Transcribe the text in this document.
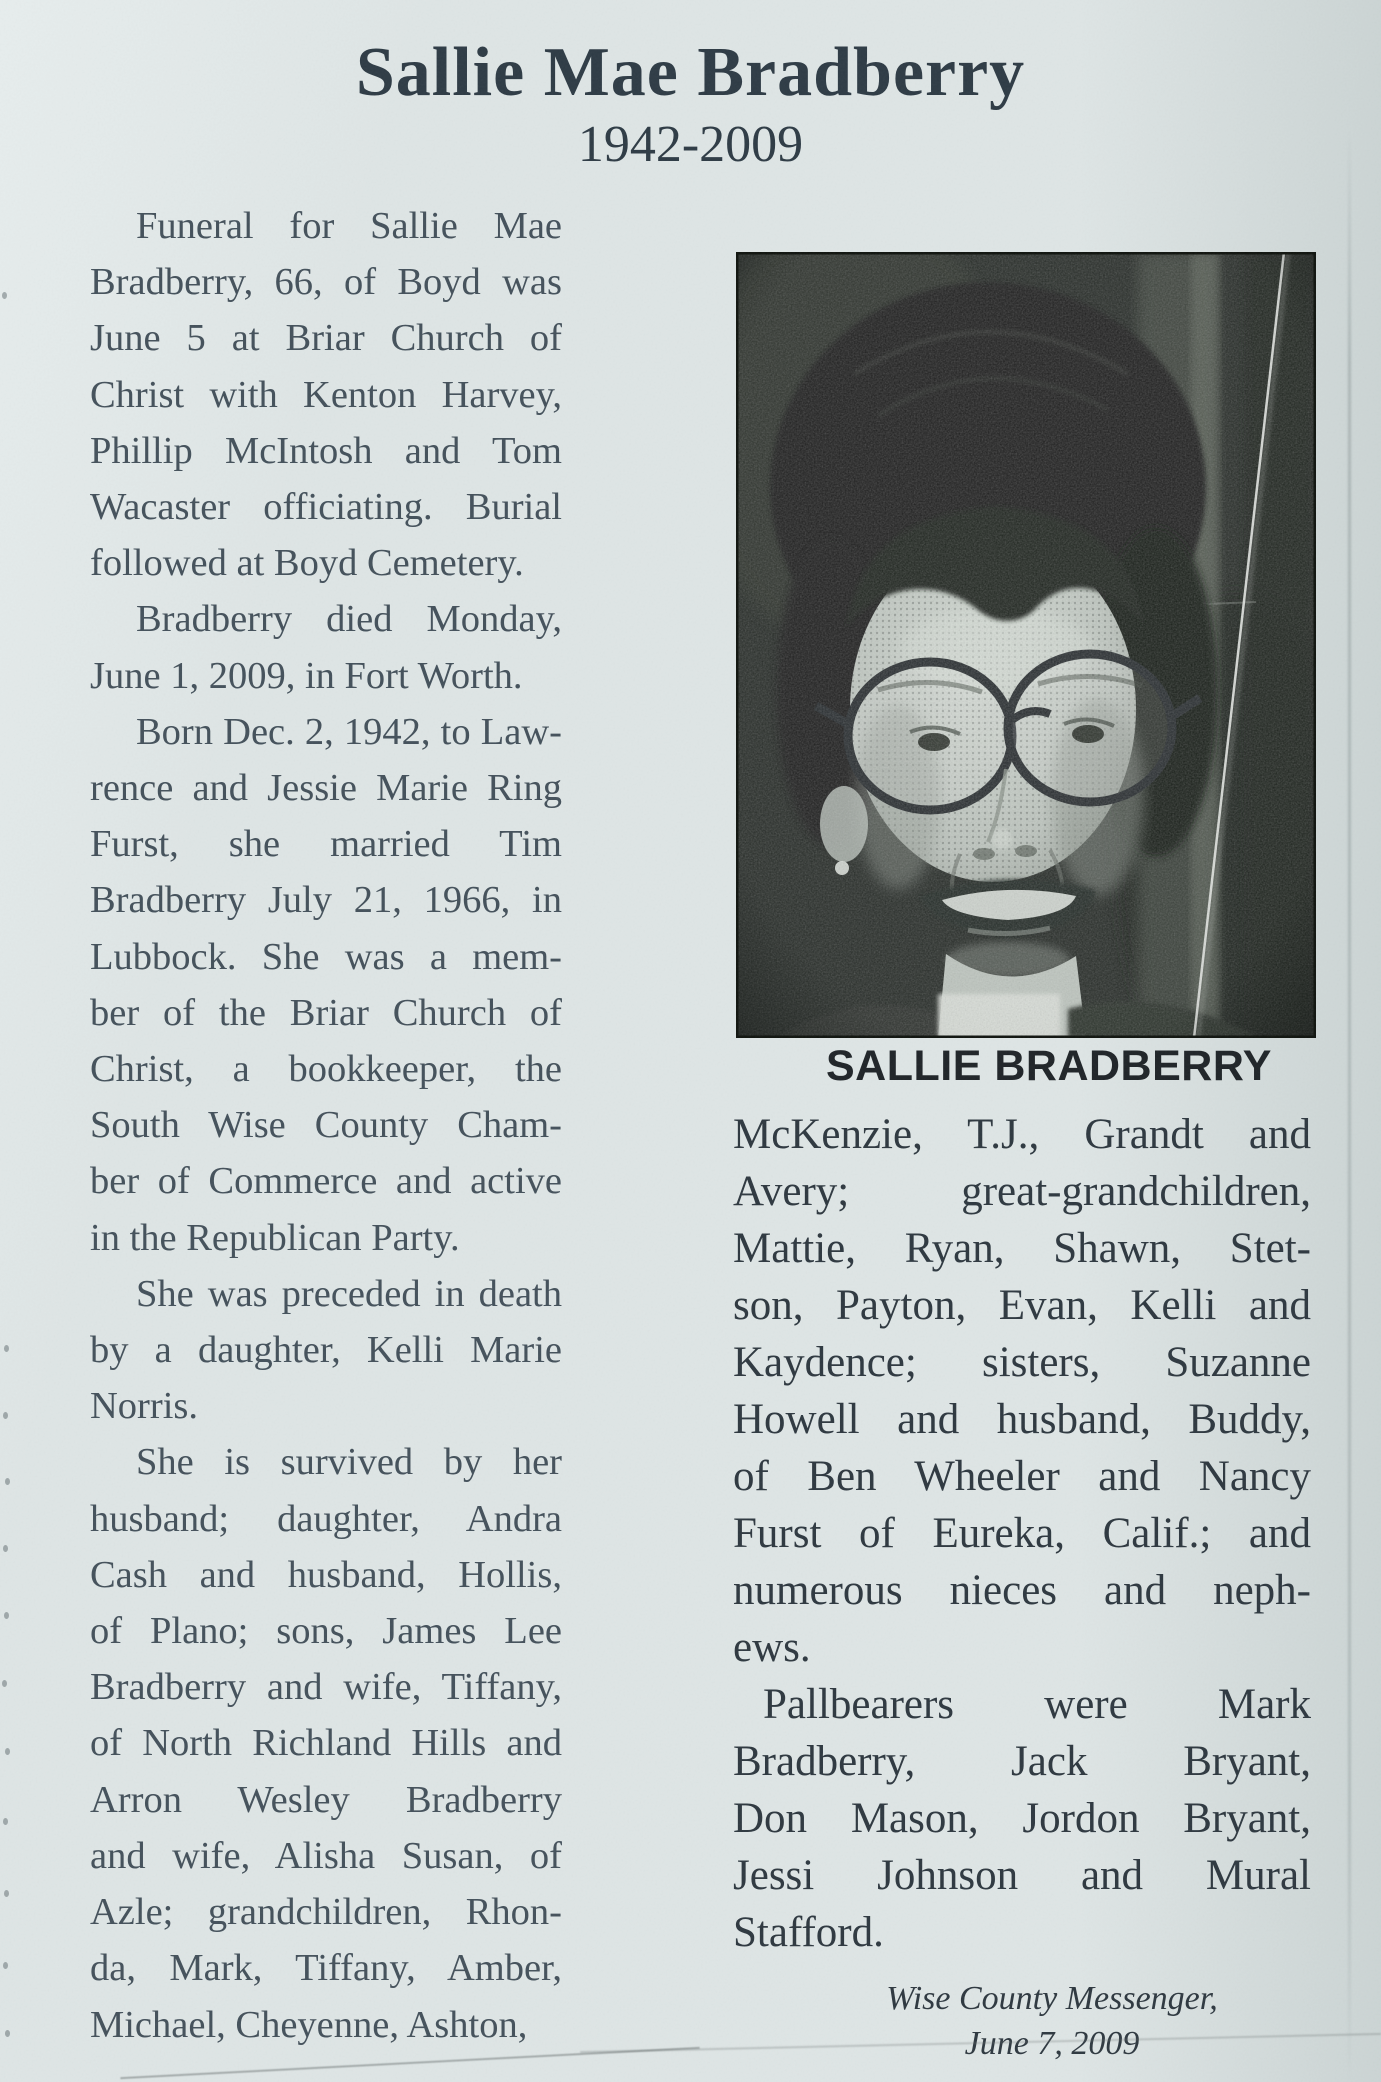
Sallie Mae Bradberry
1942-2009
Funeral for Sallie Mae
Bradberry, 66, of Boyd was
June 5 at Briar Church of
Christ with Kenton Harvey,
Phillip McIntosh and Tom
Wacaster officiating. Burial
followed at Boyd Cemetery.
Bradberry died Monday,
June 1, 2009, in Fort Worth.
Born Dec. 2, 1942, to Law-
rence and Jessie Marie Ring
Furst, she married Tim
Bradberry July 21, 1966, in
Lubbock. She was a mem-
ber of the Briar Church of
Christ, a bookkeeper, the
South Wise County Cham-
ber of Commerce and active
in the Republican Party.
She was preceded in death
by a daughter, Kelli Marie
Norris.
She is survived by her
husband; daughter, Andra
Cash and husband, Hollis,
of Plano; sons, James Lee
Bradberry and wife, Tiffany,
of North Richland Hills and
Arron Wesley Bradberry
and wife, Alisha Susan, of
Azle; grandchildren, Rhon-
da, Mark, Tiffany, Amber,
Michael, Cheyenne, Ashton,
SALLIE BRADBERRY
McKenzie, T.J., Grandt and
Avery; great-grandchildren,
Mattie, Ryan, Shawn, Stet-
son, Payton, Evan, Kelli and
Kaydence; sisters, Suzanne
Howell and husband, Buddy,
of Ben Wheeler and Nancy
Furst of Eureka, Calif.; and
numerous nieces and neph-
ews.
Pallbearers were Mark
Bradberry, Jack Bryant,
Don Mason, Jordon Bryant,
Jessi Johnson and Mural
Stafford.
Wise County Messenger,
June 7, 2009
